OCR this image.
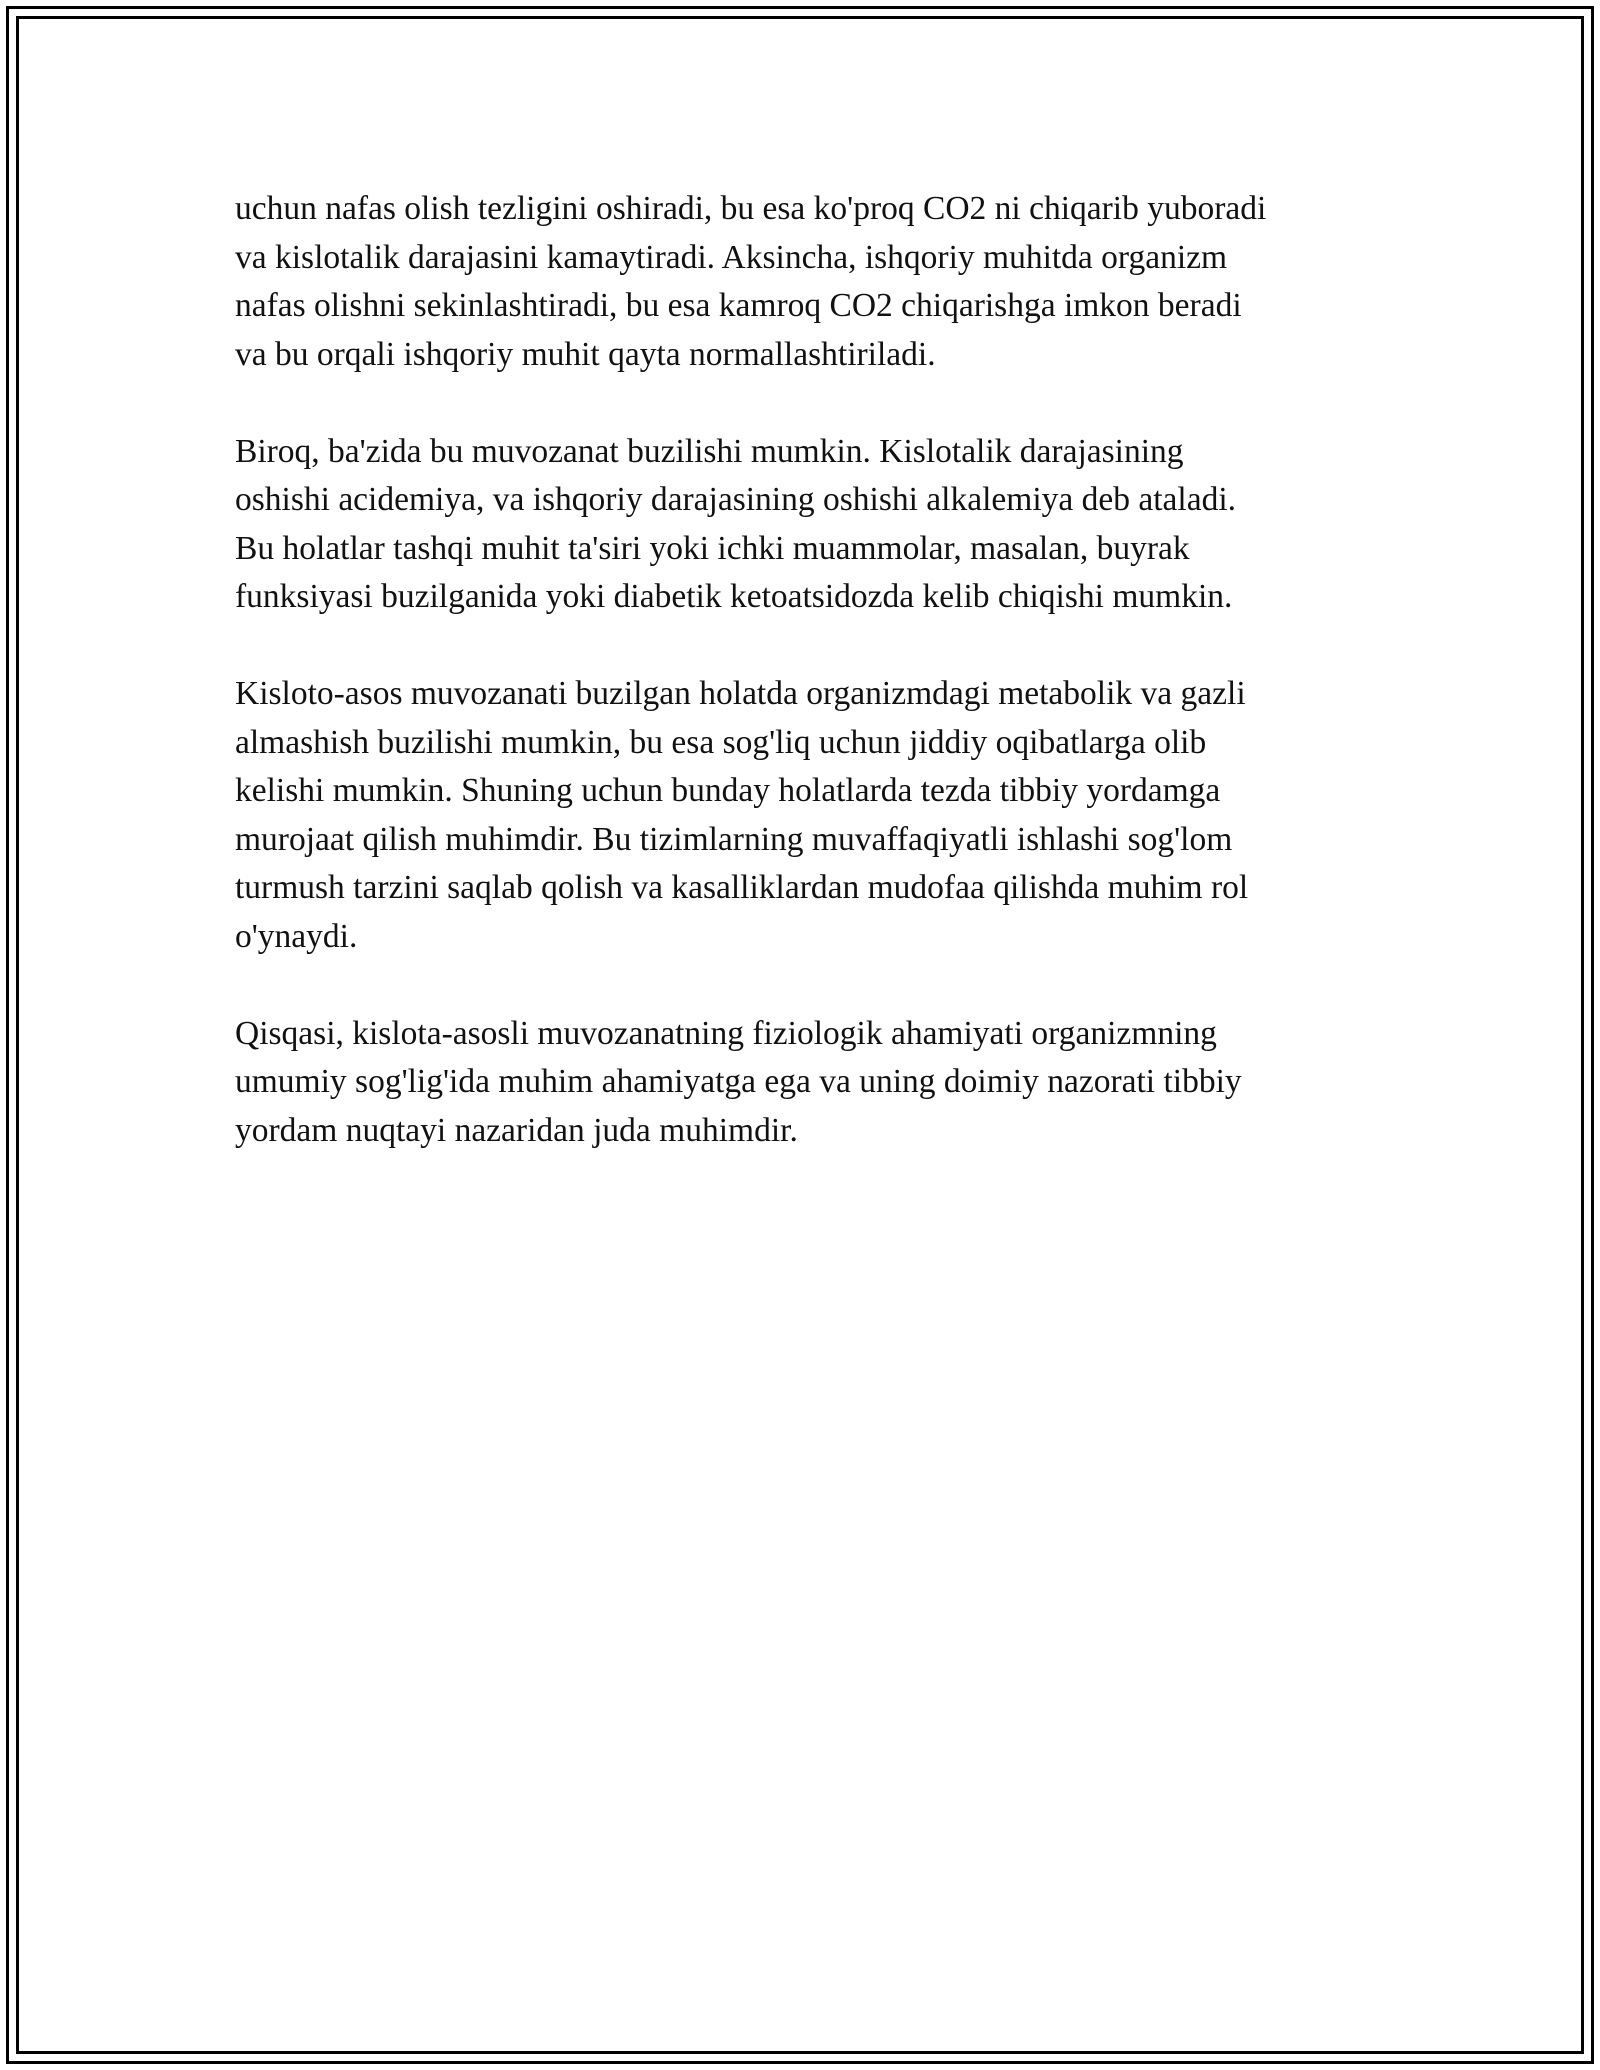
uchun nafas olish tezligini oshiradi, bu esa ko'proq CO2 ni chiqarib yuboradi
va kislotalik darajasini kamaytiradi. Aksincha, ishqoriy muhitda organizm
nafas olishni sekinlashtiradi, bu esa kamroq CO2 chiqarishga imkon beradi
va bu orqali ishqoriy muhit qayta normallashtiriladi.

Biroq, ba'zida bu muvozanat buzilishi mumkin. Kislotalik darajasining
oshishi acidemiya, va ishqoriy darajasining oshishi alkalemiya deb ataladi.
Bu holatlar tashqi muhit ta'siri yoki ichki muammolar, masalan, buyrak
funksiyasi buzilganida yoki diabetik ketoatsidozda kelib chiqishi mumkin.

Kisloto-asos muvozanati buzilgan holatda organizmdagi metabolik va gazli
almashish buzilishi mumkin, bu esa sog'liq uchun jiddiy oqibatlarga olib
kelishi mumkin. Shuning uchun bunday holatlarda tezda tibbiy yordamga
murojaat qilish muhimdir. Bu tizimlarning muvaffaqiyatli ishlashi sog'lom
turmush tarzini saqlab qolish va kasalliklardan mudofaa qilishda muhim rol
o'ynaydi.

Qisqasi, kislota-asosli muvozanatning fiziologik ahamiyati organizmning
umumiy sog'lig'ida muhim ahamiyatga ega va uning doimiy nazorati tibbiy
yordam nuqtayi nazaridan juda muhimdir.
